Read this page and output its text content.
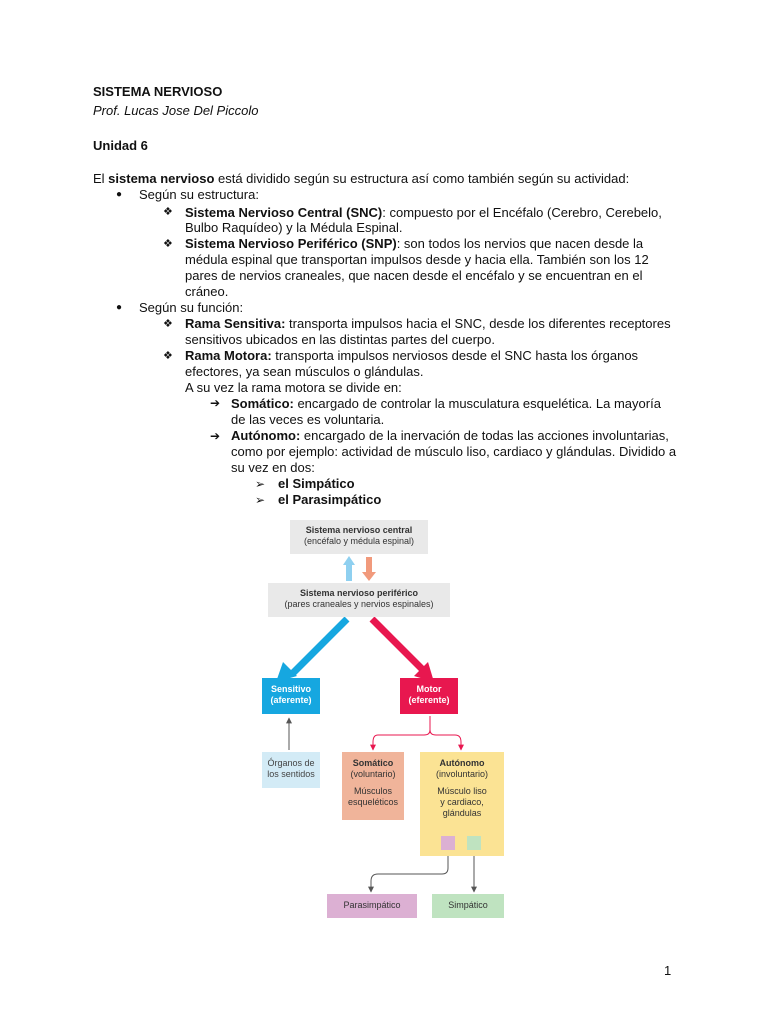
SISTEMA NERVIOSO
Prof. Lucas Jose Del Piccolo
Unidad 6
El sistema nervioso está dividido según su estructura así como también según su actividad:
● Según su estructura:
❖ Sistema Nervioso Central (SNC): compuesto por el Encéfalo (Cerebro, Cerebelo,
Bulbo Raquídeo) y la Médula Espinal.
❖ Sistema Nervioso Periférico (SNP): son todos los nervios que nacen desde la
médula espinal que transportan impulsos desde y hacia ella. También son los 12
pares de nervios craneales, que nacen desde el encéfalo y se encuentran en el
cráneo.
● Según su función:
❖ Rama Sensitiva: transporta impulsos hacia el SNC, desde los diferentes receptores
sensitivos ubicados en las distintas partes del cuerpo.
❖ Rama Motora: transporta impulsos nerviosos desde el SNC hasta los órganos
efectores, ya sean músculos o glándulas.
A su vez la rama motora se divide en:
➔ Somático: encargado de controlar la musculatura esquelética. La mayoría
de las veces es voluntaria.
➔ Autónomo: encargado de la inervación de todas las acciones involuntarias,
como por ejemplo: actividad de músculo liso, cardiaco y glándulas. Dividido a
su vez en dos:
➢ el Simpático
➢ el Parasimpático
Sistema nervioso central
(encéfalo y médula espinal)
Sistema nervioso periférico
(pares craneales y nervios espinales)
Sensitivo
(aferente)
Motor
(eferente)
Órganos de
los sentidos
Somático
(voluntario)
Músculos
esqueléticos
Autónomo
(involuntario)
Músculo liso
y cardiaco,
glándulas
Parasimpático	Simpático
1
